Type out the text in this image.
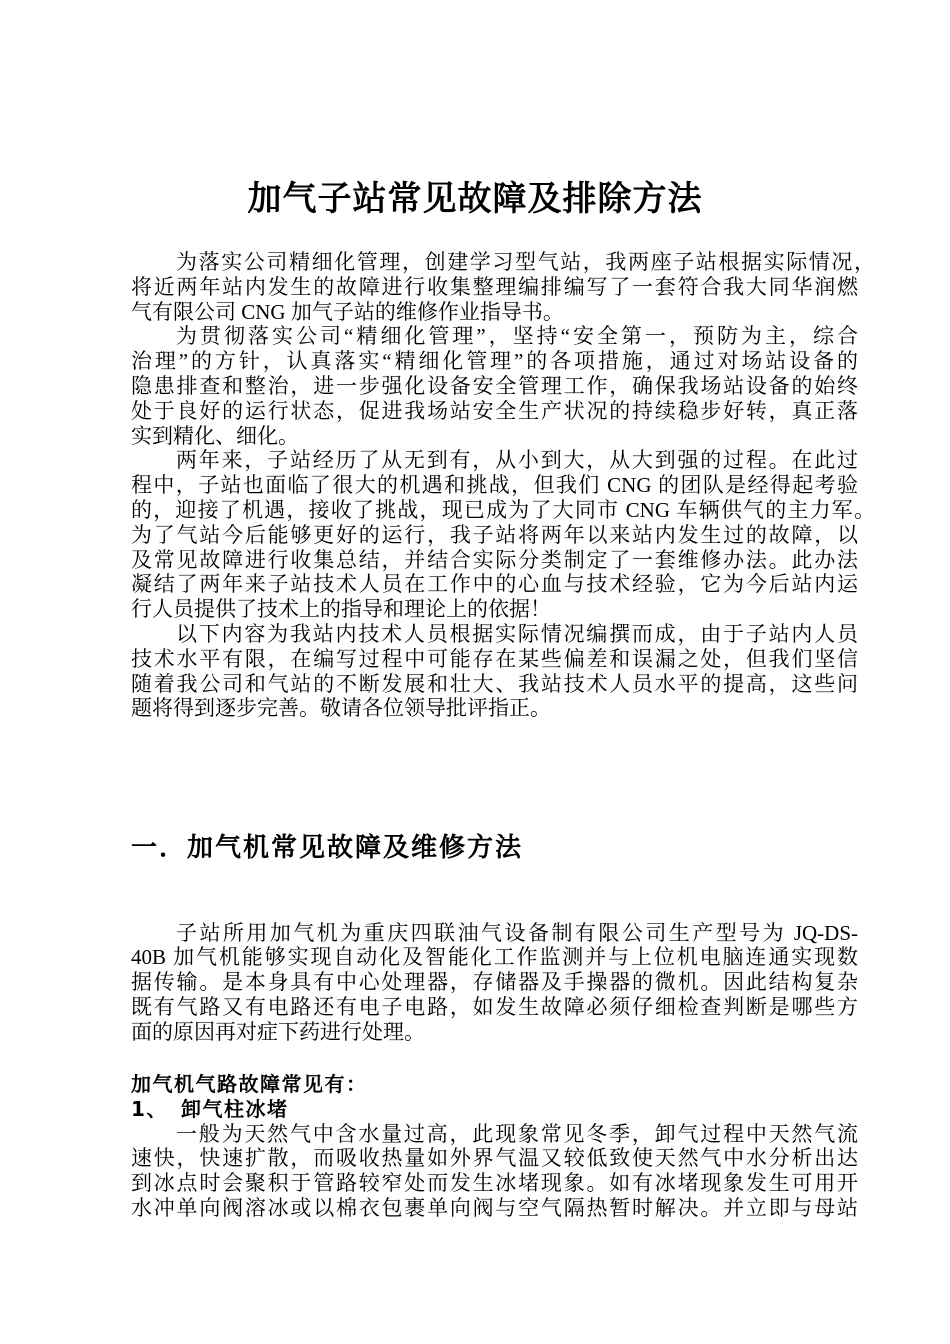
加气子站常见故障及排除方法
为落实公司精细化管理，创建学习型气站，我两座子站根据实际情况，
将近两年站内发生的故障进行收集整理编排编写了一套符合我大同华润燃
气有限公司 CNG 加气子站的维修作业指导书。
为贯彻落实公司“精细化管理”，坚持“安全第一，预防为主，综合
治理”的方针，认真落实“精细化管理”的各项措施，通过对场站设备的
隐患排查和整治，进一步强化设备安全管理工作，确保我场站设备的始终
处于良好的运行状态，促进我场站安全生产状况的持续稳步好转，真正落
实到精化、细化。
两年来，子站经历了从无到有，从小到大，从大到强的过程。在此过
程中，子站也面临了很大的机遇和挑战，但我们 CNG 的团队是经得起考验
的，迎接了机遇，接收了挑战，现已成为了大同市 CNG 车辆供气的主力军。
为了气站今后能够更好的运行，我子站将两年以来站内发生过的故障，以
及常见故障进行收集总结，并结合实际分类制定了一套维修办法。此办法
凝结了两年来子站技术人员在工作中的心血与技术经验，它为今后站内运
行人员提供了技术上的指导和理论上的依据！
以下内容为我站内技术人员根据实际情况编撰而成，由于子站内人员
技术水平有限，在编写过程中可能存在某些偏差和误漏之处，但我们坚信
随着我公司和气站的不断发展和壮大、我站技术人员水平的提高，这些问
题将得到逐步完善。敬请各位领导批评指正。
一．加气机常见故障及维修方法
子站所用加气机为重庆四联油气设备制有限公司生产型号为 JQ-DS-
40B 加气机能够实现自动化及智能化工作监测并与上位机电脑连通实现数
据传输。是本身具有中心处理器，存储器及手操器的微机。因此结构复杂
既有气路又有电路还有电子电路，如发生故障必须仔细检查判断是哪些方
面的原因再对症下药进行处理。
加气机气路故障常见有：
1、 卸气柱冰堵
一般为天然气中含水量过高，此现象常见冬季，卸气过程中天然气流
速快，快速扩散，而吸收热量如外界气温又较低致使天然气中水分析出达
到冰点时会聚积于管路较窄处而发生冰堵现象。如有冰堵现象发生可用开
水冲单向阀溶冰或以棉衣包裹单向阀与空气隔热暂时解决。并立即与母站
